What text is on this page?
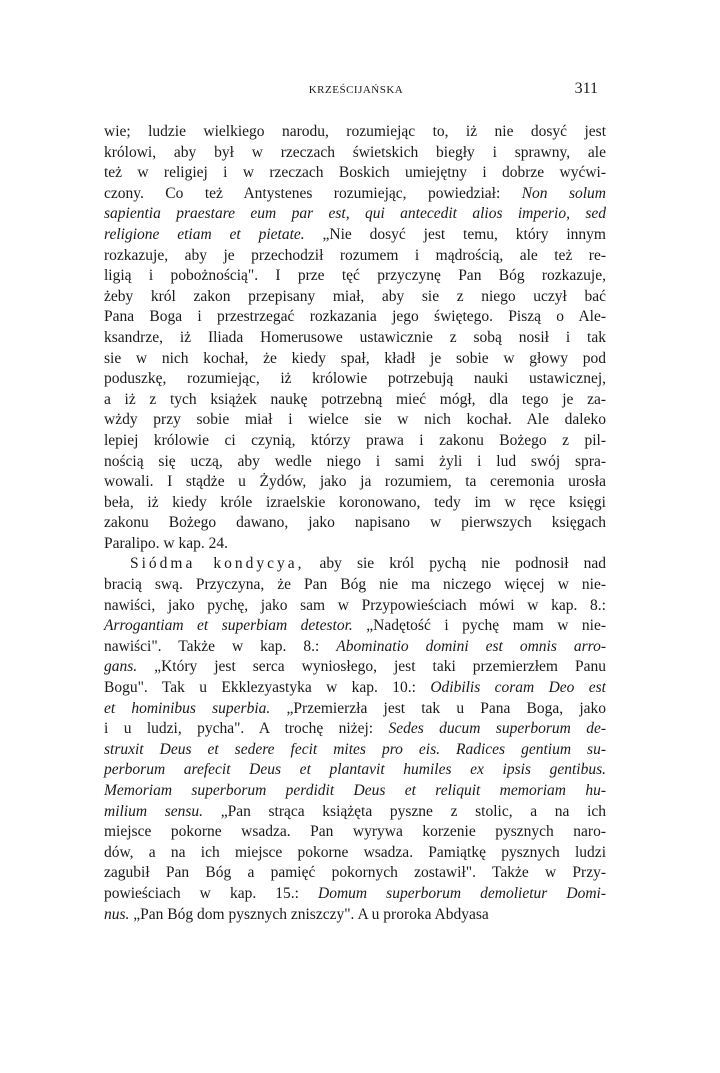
KRZEŚCIJAŃSKA	311
wie; ludzie wielkiego narodu, rozumiejąc to, iż nie dosyć jest
królowi, aby był w rzeczach świetskich biegły i sprawny, ale
też w religiej i w rzeczach Boskich umiejętny i dobrze wyćwi-
czony. Co też Antystenes rozumiejąc, powiedział: Non solum
sapientia praestare eum par est, qui antecedit alios imperio, sed
religione etiam et pietate. „Nie dosyć jest temu, który innym
rozkazuje, aby je przechodził rozumem i mądrością, ale też re-
ligią i pobożnością". I prze tęć przyczynę Pan Bóg rozkazuje,
żeby król zakon przepisany miał, aby sie z niego uczył bać
Pana Boga i przestrzegać rozkazania jego świętego. Piszą o Ale-
ksandrze, iż Iliada Homerusowe ustawicznie z sobą nosił i tak
sie w nich kochał, że kiedy spał, kładł je sobie w głowy pod
poduszkę, rozumiejąc, iż królowie potrzebują nauki ustawicznej,
a iż z tych książek naukę potrzebną mieć mógł, dla tego je za-
wżdy przy sobie miał i wielce sie w nich kochał. Ale daleko
lepiej królowie ci czynią, którzy prawa i zakonu Bożego z pil-
nością się uczą, aby wedle niego i sami żyli i lud swój spra-
wowali. I stądże u Żydów, jako ja rozumiem, ta ceremonia urosła
beła, iż kiedy króle izraelskie koronowano, tedy im w ręce księgi
zakonu Bożego dawano, jako napisano w pierwszych księgach
Paralipo. w kap. 24.
Siódma kondycya, aby sie król pychą nie podnosił nad
bracią swą. Przyczyna, że Pan Bóg nie ma niczego więcej w nie-
nawiści, jako pychę, jako sam w Przypowieściach mówi w kap. 8.:
Arrogantiam et superbiam detestor. „Nadętość i pychę mam w nie-
nawiści". Także w kap. 8.: Abominatio domini est omnis arro-
gans. „Który jest serca wyniosłego, jest taki przemierzłem Panu
Bogu". Tak u Ekklezyastyka w kap. 10.: Odibilis coram Deo est
et hominibus superbia. „Przemierzła jest tak u Pana Boga, jako
i u ludzi, pycha". A trochę niżej: Sedes ducum superborum de-
struxit Deus et sedere fecit mites pro eis. Radices gentium su-
perborum arefecit Deus et plantavit humiles ex ipsis gentibus.
Memoriam superborum perdidit Deus et reliquit memoriam hu-
milium sensu. „Pan strąca książęta pyszne z stolic, a na ich
miejsce pokorne wsadza. Pan wyrywa korzenie pysznych naro-
dów, a na ich miejsce pokorne wsadza. Pamiątkę pysznych ludzi
zagubił Pan Bóg a pamięć pokornych zostawił". Także w Przy-
powieściach w kap. 15.: Domum superborum demolietur Domi-
nus. „Pan Bóg dom pysznych zniszczy". A u proroka Abdyasa
